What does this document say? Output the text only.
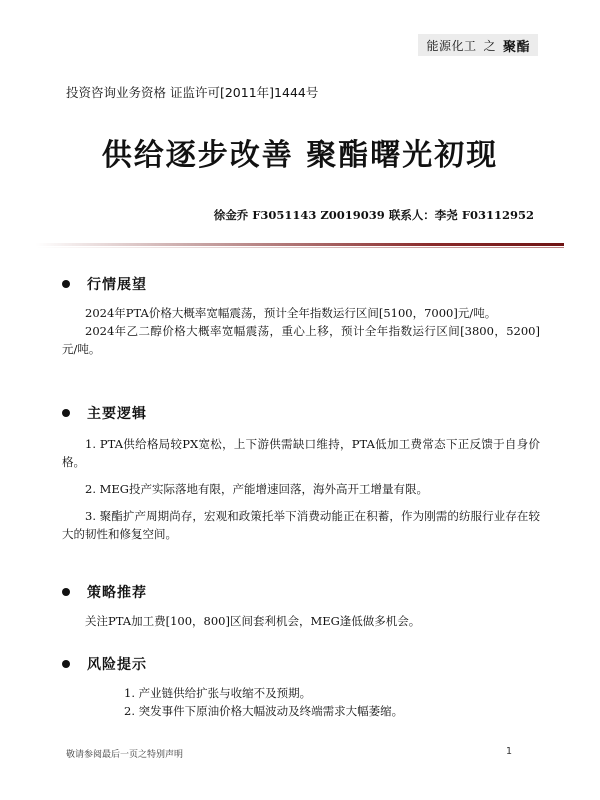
能源化工 之 聚酯
投资咨询业务资格 证监许可[2011年]1444号
供给逐步改善 聚酯曙光初现
徐金乔 F3051143 Z0019039 联系人：李尧 F03112952
行情展望

2024年PTA价格大概率宽幅震荡，预计全年指数运行区间[5100，7000]元/吨。

2024年乙二醇价格大概率宽幅震荡，重心上移，预计全年指数运行区间[3800，5200]元/吨。

主要逻辑

1. PTA供给格局较PX宽松，上下游供需缺口维持，PTA低加工费常态下正反馈于自身价格。

2. MEG投产实际落地有限，产能增速回落，海外高开工增量有限。

3. 聚酯扩产周期尚存，宏观和政策托举下消费动能正在积蓄，作为刚需的纺服行业存在较大的韧性和修复空间。

策略推荐

关注PTA加工费[100，800]区间套利机会，MEG逢低做多机会。

风险提示

1. 产业链供给扩张与收缩不及预期。

2. 突发事件下原油价格大幅波动及终端需求大幅萎缩。

敬请参阅最后一页之特别声明	1
